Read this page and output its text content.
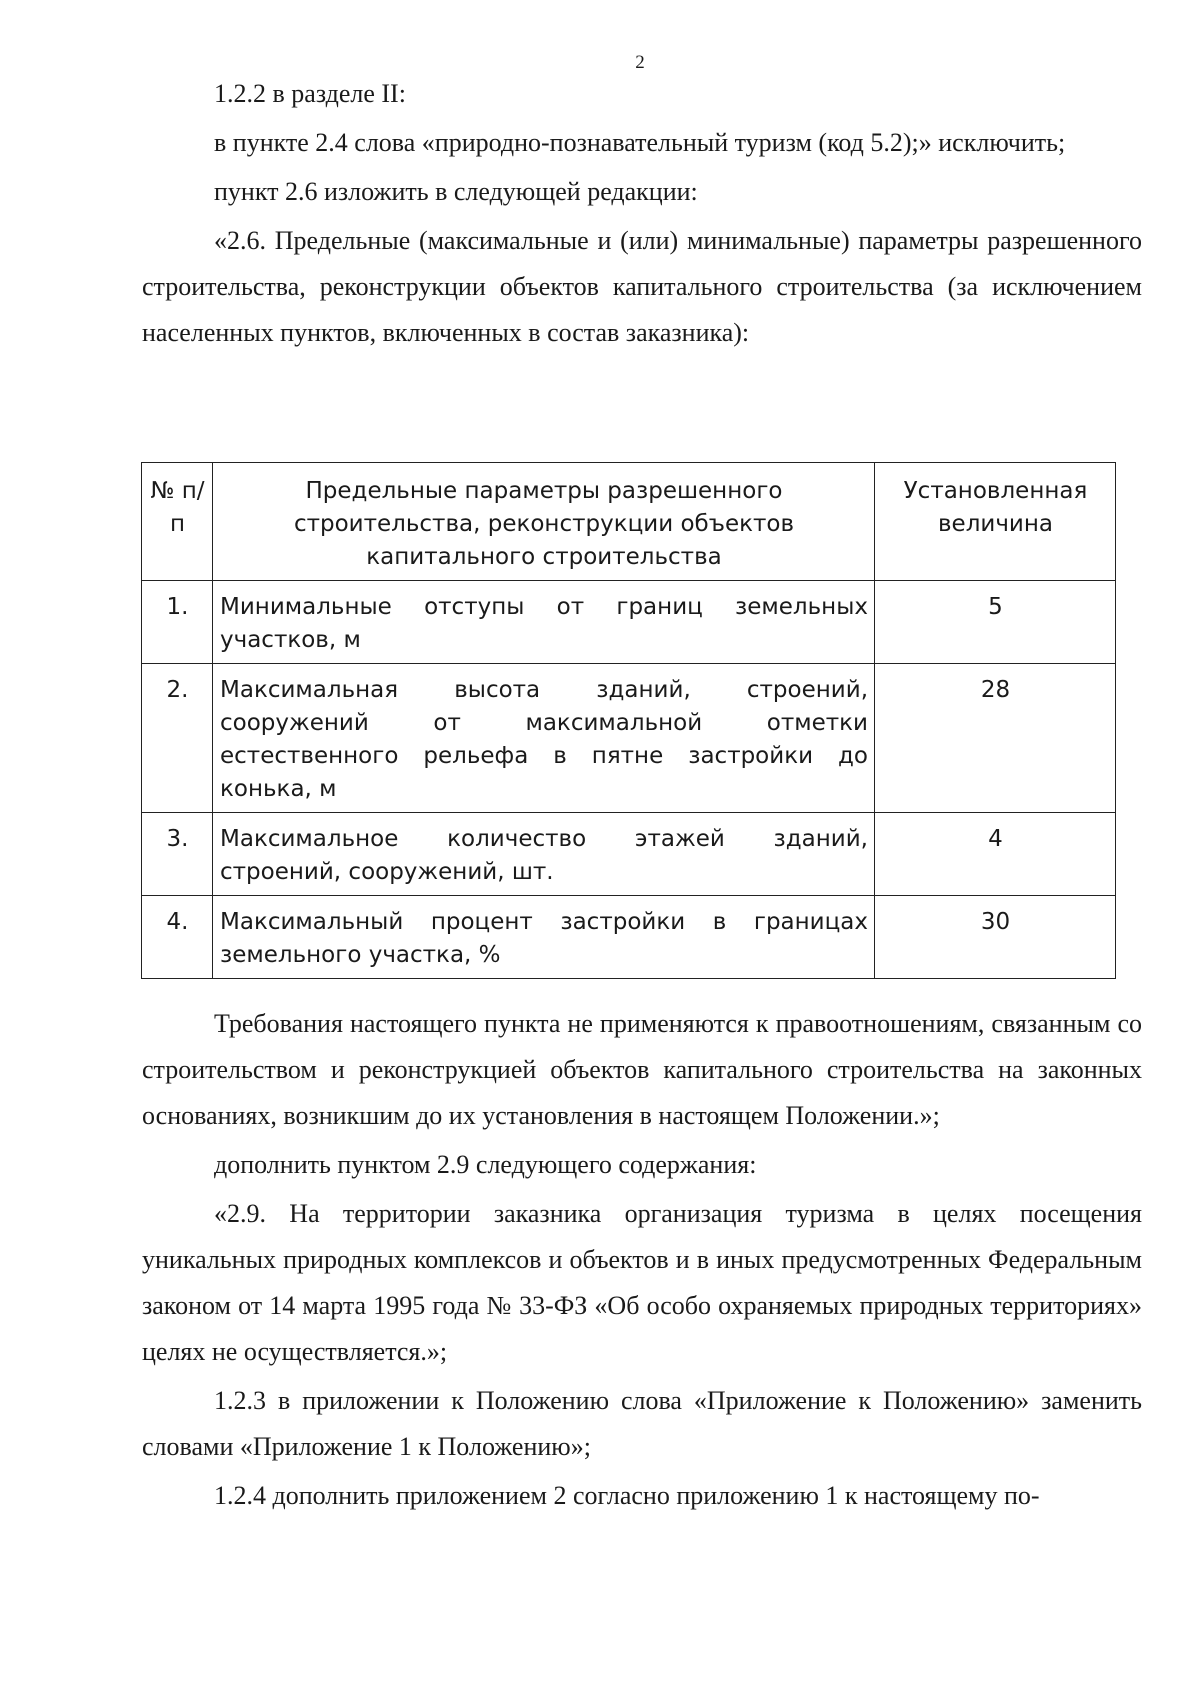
2

1.2.2 в разделе II:

в пункте 2.4 слова «природно-познавательный туризм (код 5.2);» исключить;

пункт 2.6 изложить в следующей редакции:

«2.6. Предельные (максимальные и (или) минимальные) параметры разрешенного строительства, реконструкции объектов капитального строительства (за исключением населенных пунктов, включенных в состав заказника):

№ п/п	Предельные параметры разрешенного строительства, реконструкции объектов капитального строительства	Установленная величина
1.	Минимальные отступы от границ земельных участков, м	5
2.	Максимальная высота зданий, строений, сооружений от максимальной отметки естественного рельефа в пятне застройки до конька, м	28
3.	Максимальное количество этажей зданий, строений, сооружений, шт.	4
4.	Максимальный процент застройки в границах земельного участка, %	30

Требования настоящего пункта не применяются к правоотношениям, связанным со строительством и реконструкцией объектов капитального строительства на законных основаниях, возникшим до их установления в настоящем Положении.»;

дополнить пунктом 2.9 следующего содержания:

«2.9. На территории заказника организация туризма в целях посещения уникальных природных комплексов и объектов и в иных предусмотренных Федеральным законом от 14 марта 1995 года № 33-ФЗ «Об особо охраняемых природных территориях» целях не осуществляется.»;

1.2.3 в приложении к Положению слова «Приложение к Положению» заменить словами «Приложение 1 к Положению»;

1.2.4 дополнить приложением 2 согласно приложению 1 к настоящему по-
